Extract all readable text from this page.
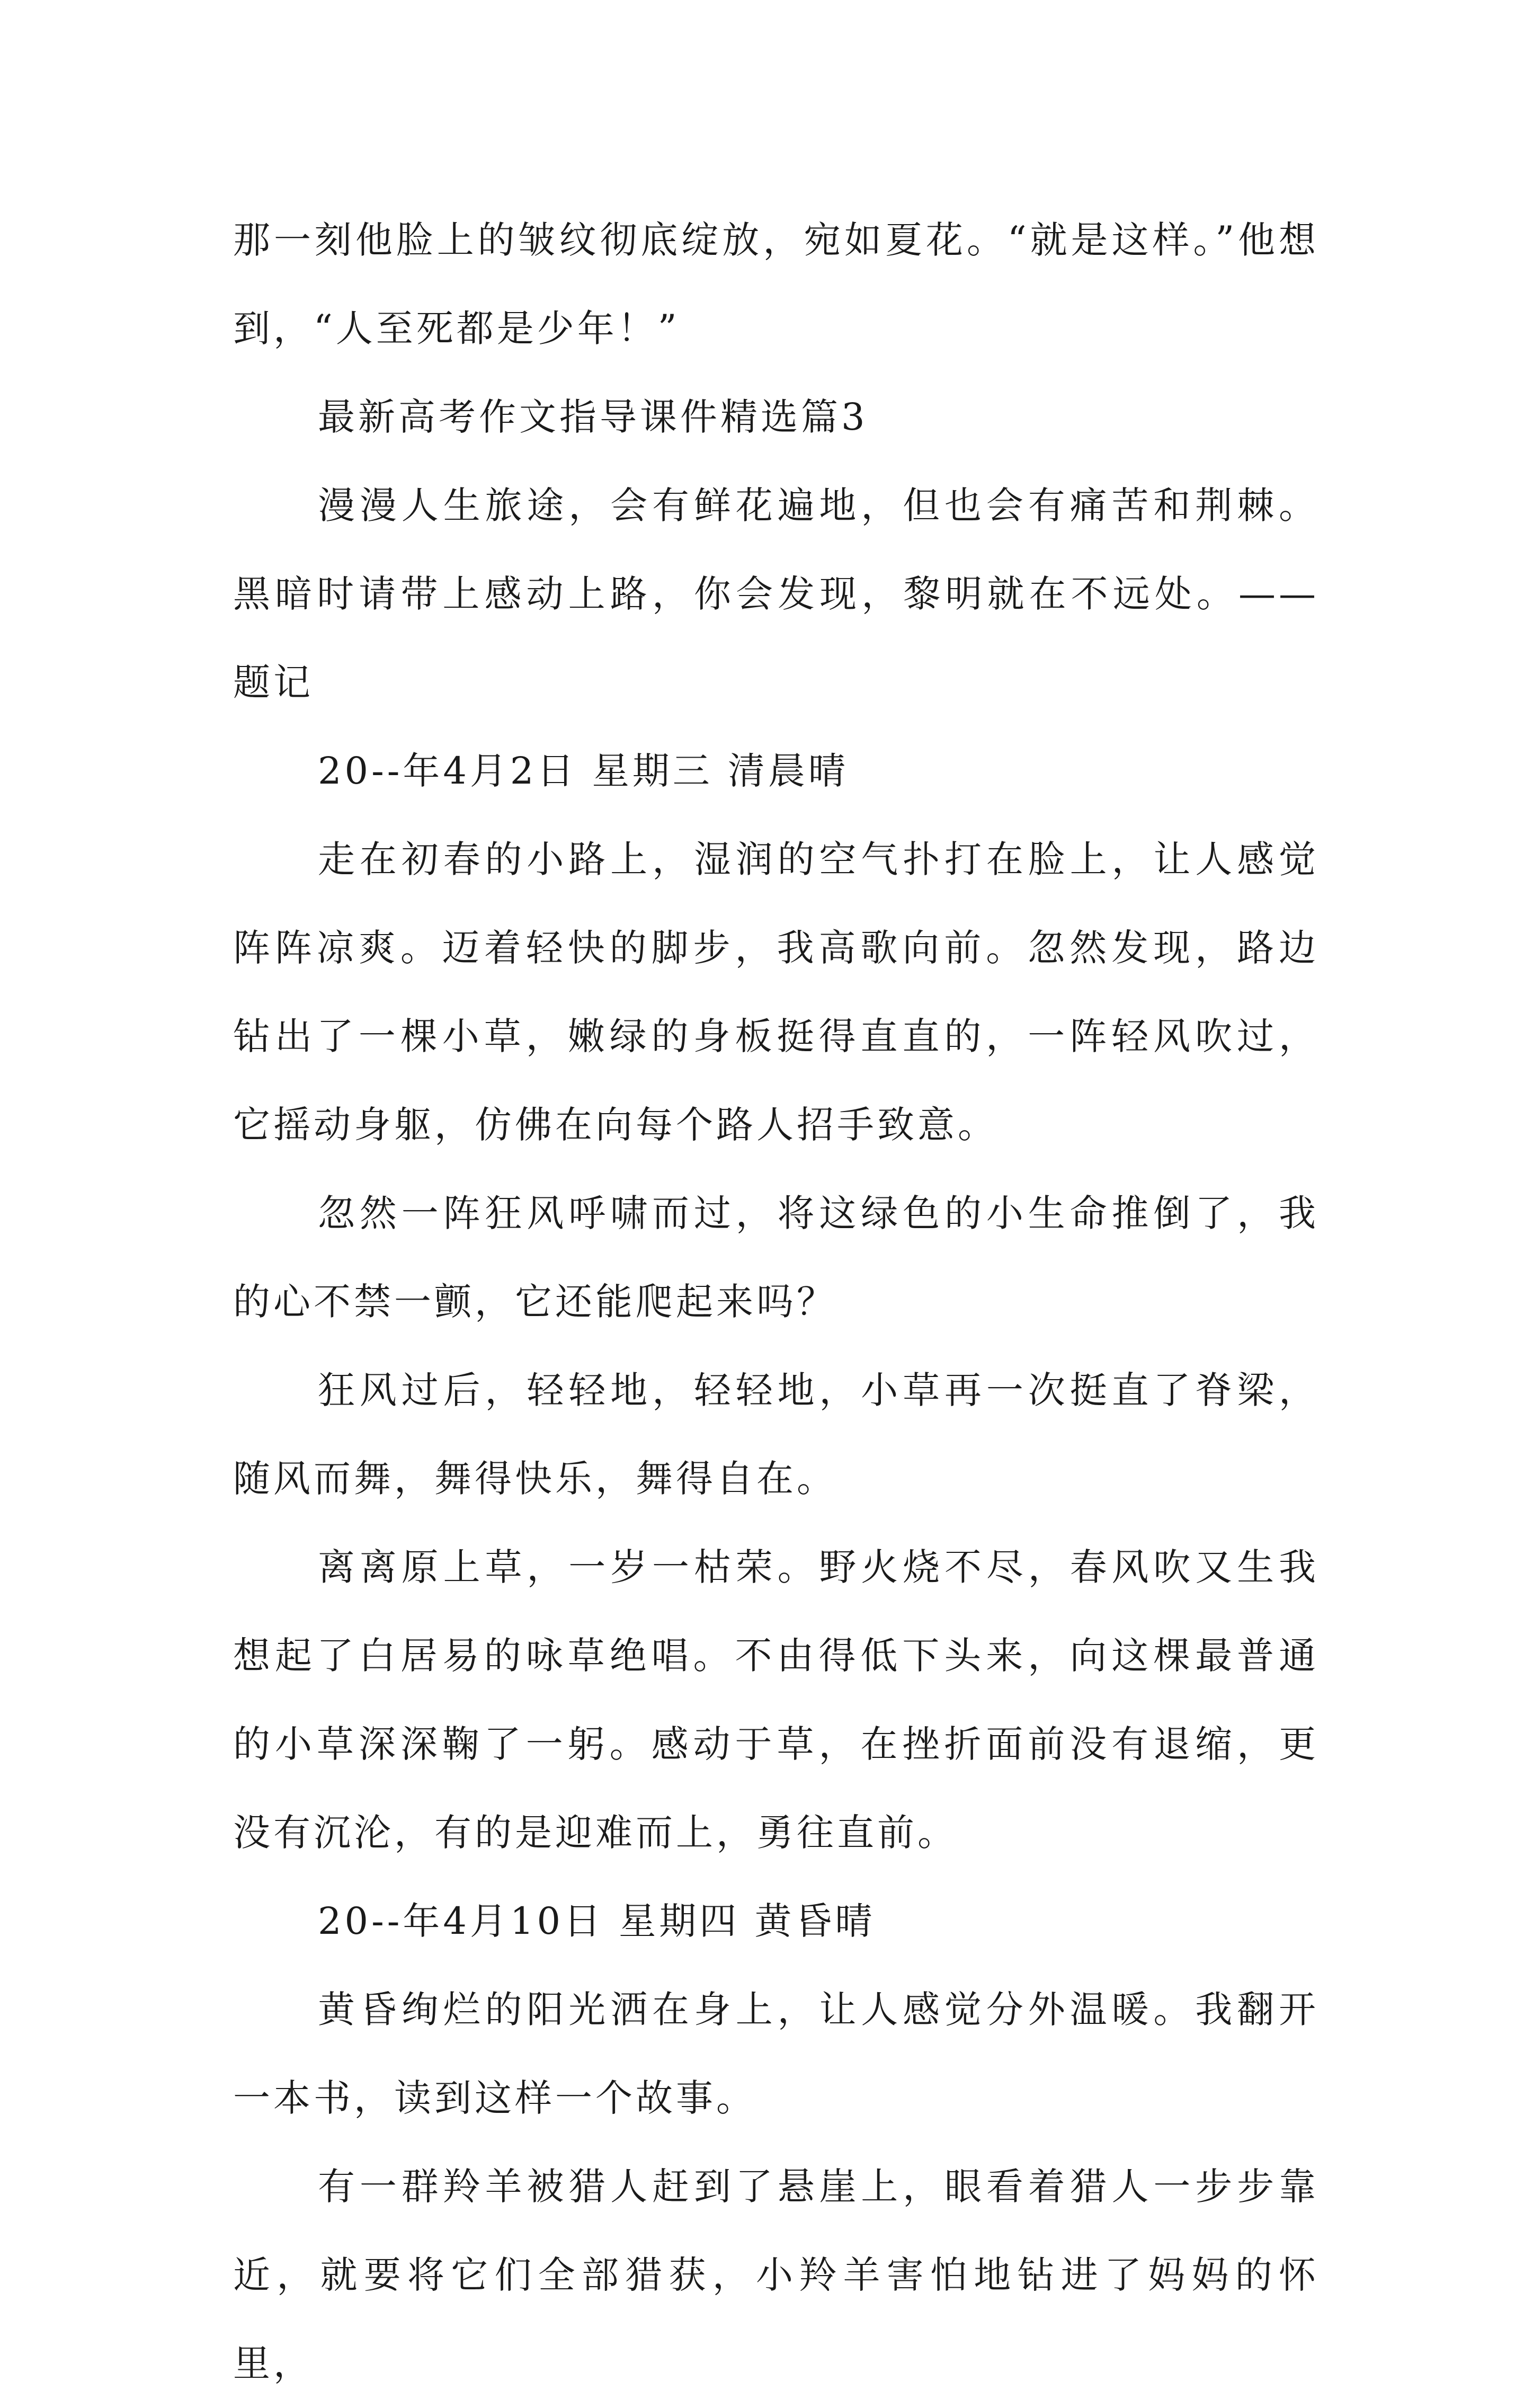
那一刻他脸上的皱纹彻底绽放，宛如夏花。“就是这样。”他想到，“人至死都是少年！”

最新高考作文指导课件精选篇3

漫漫人生旅途，会有鲜花遍地，但也会有痛苦和荆棘。黑暗时请带上感动上路，你会发现，黎明就在不远处。——题记

20--年4月2日 星期三 清晨晴

走在初春的小路上，湿润的空气扑打在脸上，让人感觉阵阵凉爽。迈着轻快的脚步，我高歌向前。忽然发现，路边钻出了一棵小草，嫩绿的身板挺得直直的，一阵轻风吹过，它摇动身躯，仿佛在向每个路人招手致意。

忽然一阵狂风呼啸而过，将这绿色的小生命推倒了，我的心不禁一颤，它还能爬起来吗？

狂风过后，轻轻地，轻轻地，小草再一次挺直了脊梁，随风而舞，舞得快乐，舞得自在。

离离原上草，一岁一枯荣。野火烧不尽，春风吹又生我想起了白居易的咏草绝唱。不由得低下头来，向这棵最普通的小草深深鞠了一躬。感动于草，在挫折面前没有退缩，更没有沉沦，有的是迎难而上，勇往直前。

20--年4月10日 星期四 黄昏晴

黄昏绚烂的阳光洒在身上，让人感觉分外温暖。我翻开一本书，读到这样一个故事。

有一群羚羊被猎人赶到了悬崖上，眼看着猎人一步步靠近，就要将它们全部猎获，小羚羊害怕地钻进了妈妈的怀里，
